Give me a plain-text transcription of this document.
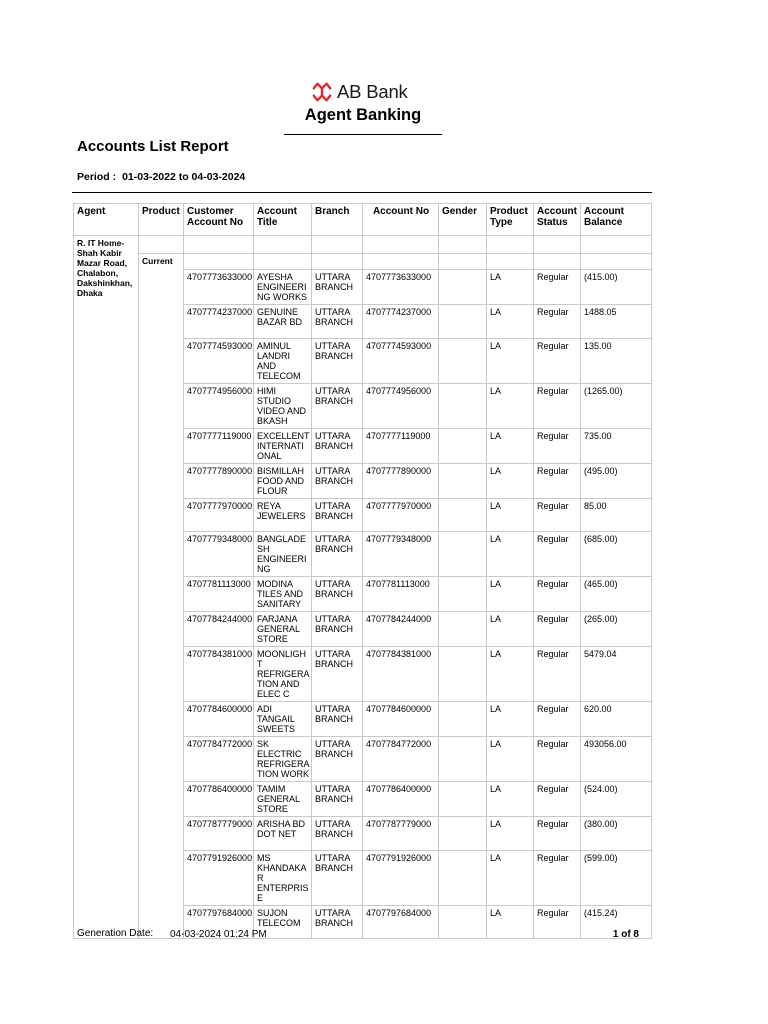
AB Bank
Agent Banking
Accounts List Report
Period : 01-03-2022 to 04-03-2024
Agent	Product	Customer Account No	Account Title	Branch	Account No	Gender	Product Type	Account Status	Account Balance
R. IT Home- Shah Kabir Mazar Road, Chalabon, Dakshinkhan, Dhaka									
	Current								
		4707773633000	AYESHA ENGINEERI NG WORKS	UTTARA BRANCH	4707773633000		LA	Regular	(415.00)
		4707774237000	GENUINE BAZAR BD	UTTARA BRANCH	4707774237000		LA	Regular	1488.05
		4707774593000	AMINUL LANDRI AND TELECOM	UTTARA BRANCH	4707774593000		LA	Regular	135.00
		4707774956000	HIMI STUDIO VIDEO AND BKASH	UTTARA BRANCH	4707774956000		LA	Regular	(1265.00)
		4707777119000	EXCELLENT INTERNATI ONAL	UTTARA BRANCH	4707777119000		LA	Regular	735.00
		4707777890000	BISMILLAH FOOD AND FLOUR	UTTARA BRANCH	4707777890000		LA	Regular	(495.00)
		4707777970000	REYA JEWELERS	UTTARA BRANCH	4707777970000		LA	Regular	85.00
		4707779348000	BANGLADE SH ENGINEERI NG	UTTARA BRANCH	4707779348000		LA	Regular	(685.00)
		4707781113000	MODINA TILES AND SANITARY	UTTARA BRANCH	4707781113000		LA	Regular	(465.00)
		4707784244000	FARJANA GENERAL STORE	UTTARA BRANCH	4707784244000		LA	Regular	(265.00)
		4707784381000	MOONLIGH T REFRIGERA TION AND ELEC C	UTTARA BRANCH	4707784381000		LA	Regular	5479.04
		4707784600000	ADI TANGAIL SWEETS	UTTARA BRANCH	4707784600000		LA	Regular	620.00
		4707784772000	SK ELECTRIC REFRIGERA TION WORK	UTTARA BRANCH	4707784772000		LA	Regular	493056.00
		4707786400000	TAMIM GENERAL STORE	UTTARA BRANCH	4707786400000		LA	Regular	(524.00)
		4707787779000	ARISHA BD DOT NET	UTTARA BRANCH	4707787779000		LA	Regular	(380.00)
		4707791926000	MS KHANDAKA R ENTERPRIS E	UTTARA BRANCH	4707791926000		LA	Regular	(599.00)
		4707797684000	SUJON TELECOM	UTTARA BRANCH	4707797684000		LA	Regular	(415.24)
Generation Date: 04-03-2024 01:24 PM	1 of 8
